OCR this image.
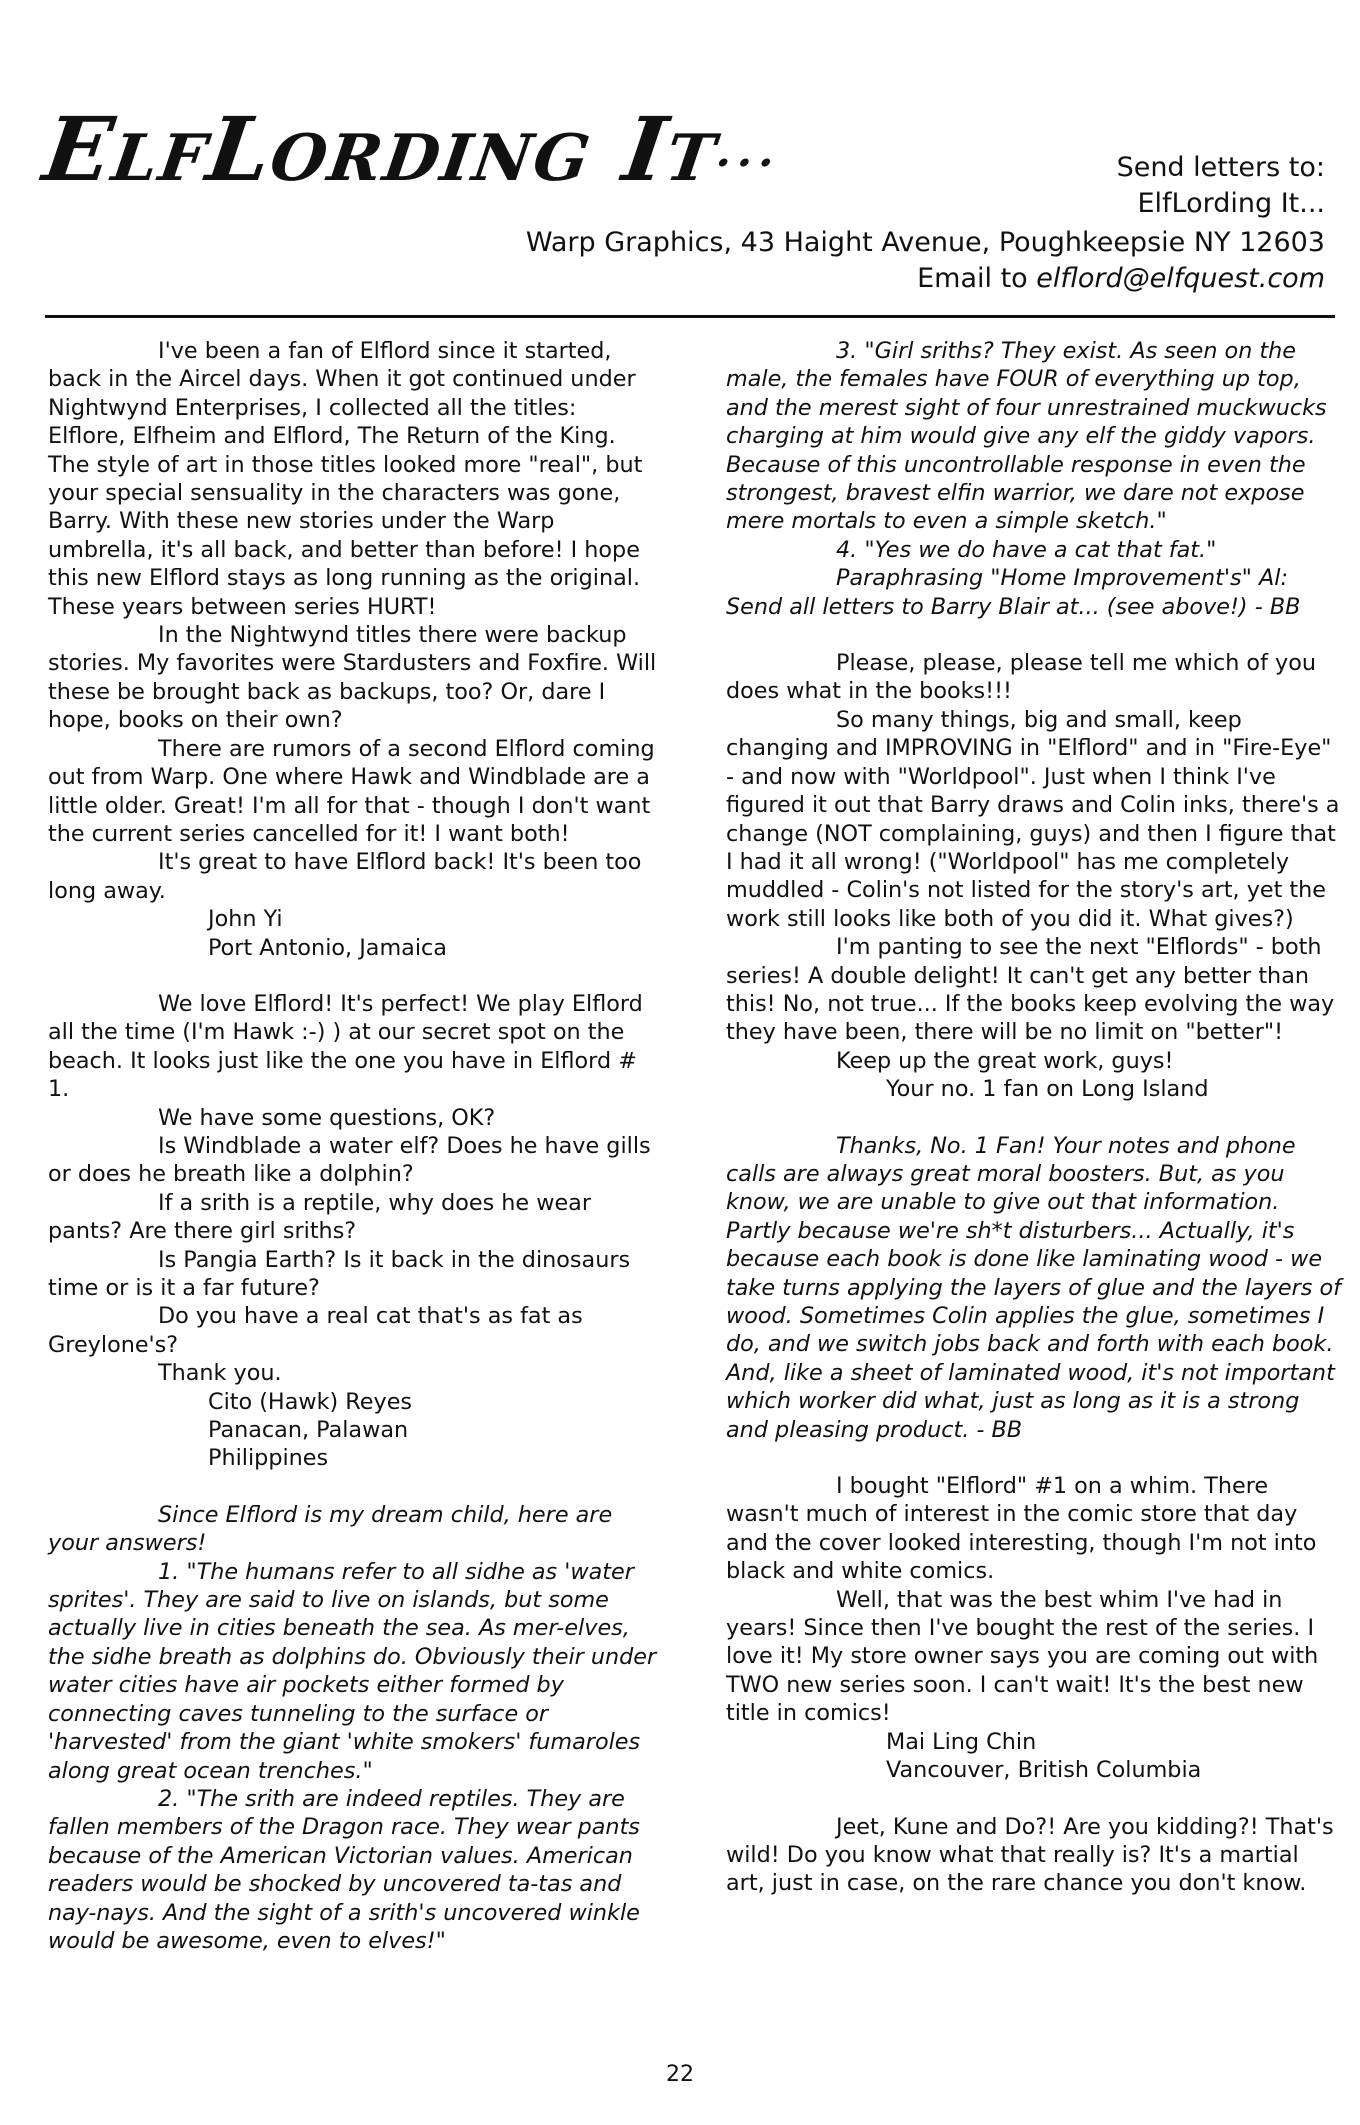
ELFLORDING IT...	Send letters to:
ElfLording It...
Warp Graphics, 43 Haight Avenue, Poughkeepsie NY 12603
Email to elflord@elfquest.com

I've been a fan of Elflord since it started, back in the Aircel days. When it got continued under Nightwynd Enterprises, I collected all the titles: Elflore, Elfheim and Elflord, The Return of the King. The style of art in those titles looked more "real", but your special sensuality in the characters was gone, Barry. With these new stories under the Warp umbrella, it's all back, and better than before! I hope this new Elflord stays as long running as the original. These years between series HURT!

In the Nightwynd titles there were backup stories. My favorites were Stardusters and Foxfire. Will these be brought back as backups, too? Or, dare I hope, books on their own?

There are rumors of a second Elflord coming out from Warp. One where Hawk and Windblade are a little older. Great! I'm all for that - though I don't want the current series cancelled for it! I want both!

It's great to have Elflord back! It's been too long away.

John Yi

Port Antonio, Jamaica

We love Elflord! It's perfect! We play Elflord all the time (I'm Hawk :-) ) at our secret spot on the beach. It looks just like the one you have in Elflord # 1.

We have some questions, OK?

Is Windblade a water elf? Does he have gills or does he breath like a dolphin?

If a srith is a reptile, why does he wear pants? Are there girl sriths?

Is Pangia Earth? Is it back in the dinosaurs time or is it a far future?

Do you have a real cat that's as fat as Greylone's?

Thank you.

Cito (Hawk) Reyes

Panacan, Palawan

Philippines

Since Elflord is my dream child, here are your answers!

1. "The humans refer to all sidhe as 'water sprites'. They are said to live on islands, but some actually live in cities beneath the sea. As mer-elves, the sidhe breath as dolphins do. Obviously their under water cities have air pockets either formed by connecting caves tunneling to the surface or 'harvested' from the giant 'white smokers' fumaroles along great ocean trenches."

2. "The srith are indeed reptiles. They are fallen members of the Dragon race. They wear pants because of the American Victorian values. American readers would be shocked by uncovered ta-tas and nay-nays. And the sight of a srith's uncovered winkle would be awesome, even to elves!"

3. "Girl sriths? They exist. As seen on the male, the females have FOUR of everything up top, and the merest sight of four unrestrained muckwucks charging at him would give any elf the giddy vapors. Because of this uncontrollable response in even the strongest, bravest elfin warrior, we dare not expose mere mortals to even a simple sketch."

4. "Yes we do have a cat that fat."

Paraphrasing "Home Improvement's" Al: Send all letters to Barry Blair at... (see above!) - BB

Please, please, please tell me which of you does what in the books!!!

So many things, big and small, keep changing and IMPROVING in "Elflord" and in "Fire-Eye" - and now with "Worldpool". Just when I think I've figured it out that Barry draws and Colin inks, there's a change (NOT complaining, guys) and then I figure that I had it all wrong! ("Worldpool" has me completely muddled - Colin's not listed for the story's art, yet the work still looks like both of you did it. What gives?)

I'm panting to see the next "Elflords" - both series! A double delight! It can't get any better than this! No, not true... If the books keep evolving the way they have been, there will be no limit on "better"!

Keep up the great work, guys!

Your no. 1 fan on Long Island

Thanks, No. 1 Fan! Your notes and phone calls are always great moral boosters. But, as you know, we are unable to give out that information. Partly because we're sh*t disturbers... Actually, it's because each book is done like laminating wood - we take turns applying the layers of glue and the layers of wood. Sometimes Colin applies the glue, sometimes I do, and we switch jobs back and forth with each book. And, like a sheet of laminated wood, it's not important which worker did what, just as long as it is a strong and pleasing product. - BB

I bought "Elflord" #1 on a whim. There wasn't much of interest in the comic store that day and the cover looked interesting, though I'm not into black and white comics.

Well, that was the best whim I've had in years! Since then I've bought the rest of the series. I love it! My store owner says you are coming out with TWO new series soon. I can't wait! It's the best new title in comics!

Mai Ling Chin

Vancouver, British Columbia

Jeet, Kune and Do?! Are you kidding?! That's wild! Do you know what that really is? It's a martial art, just in case, on the rare chance you don't know.

22
